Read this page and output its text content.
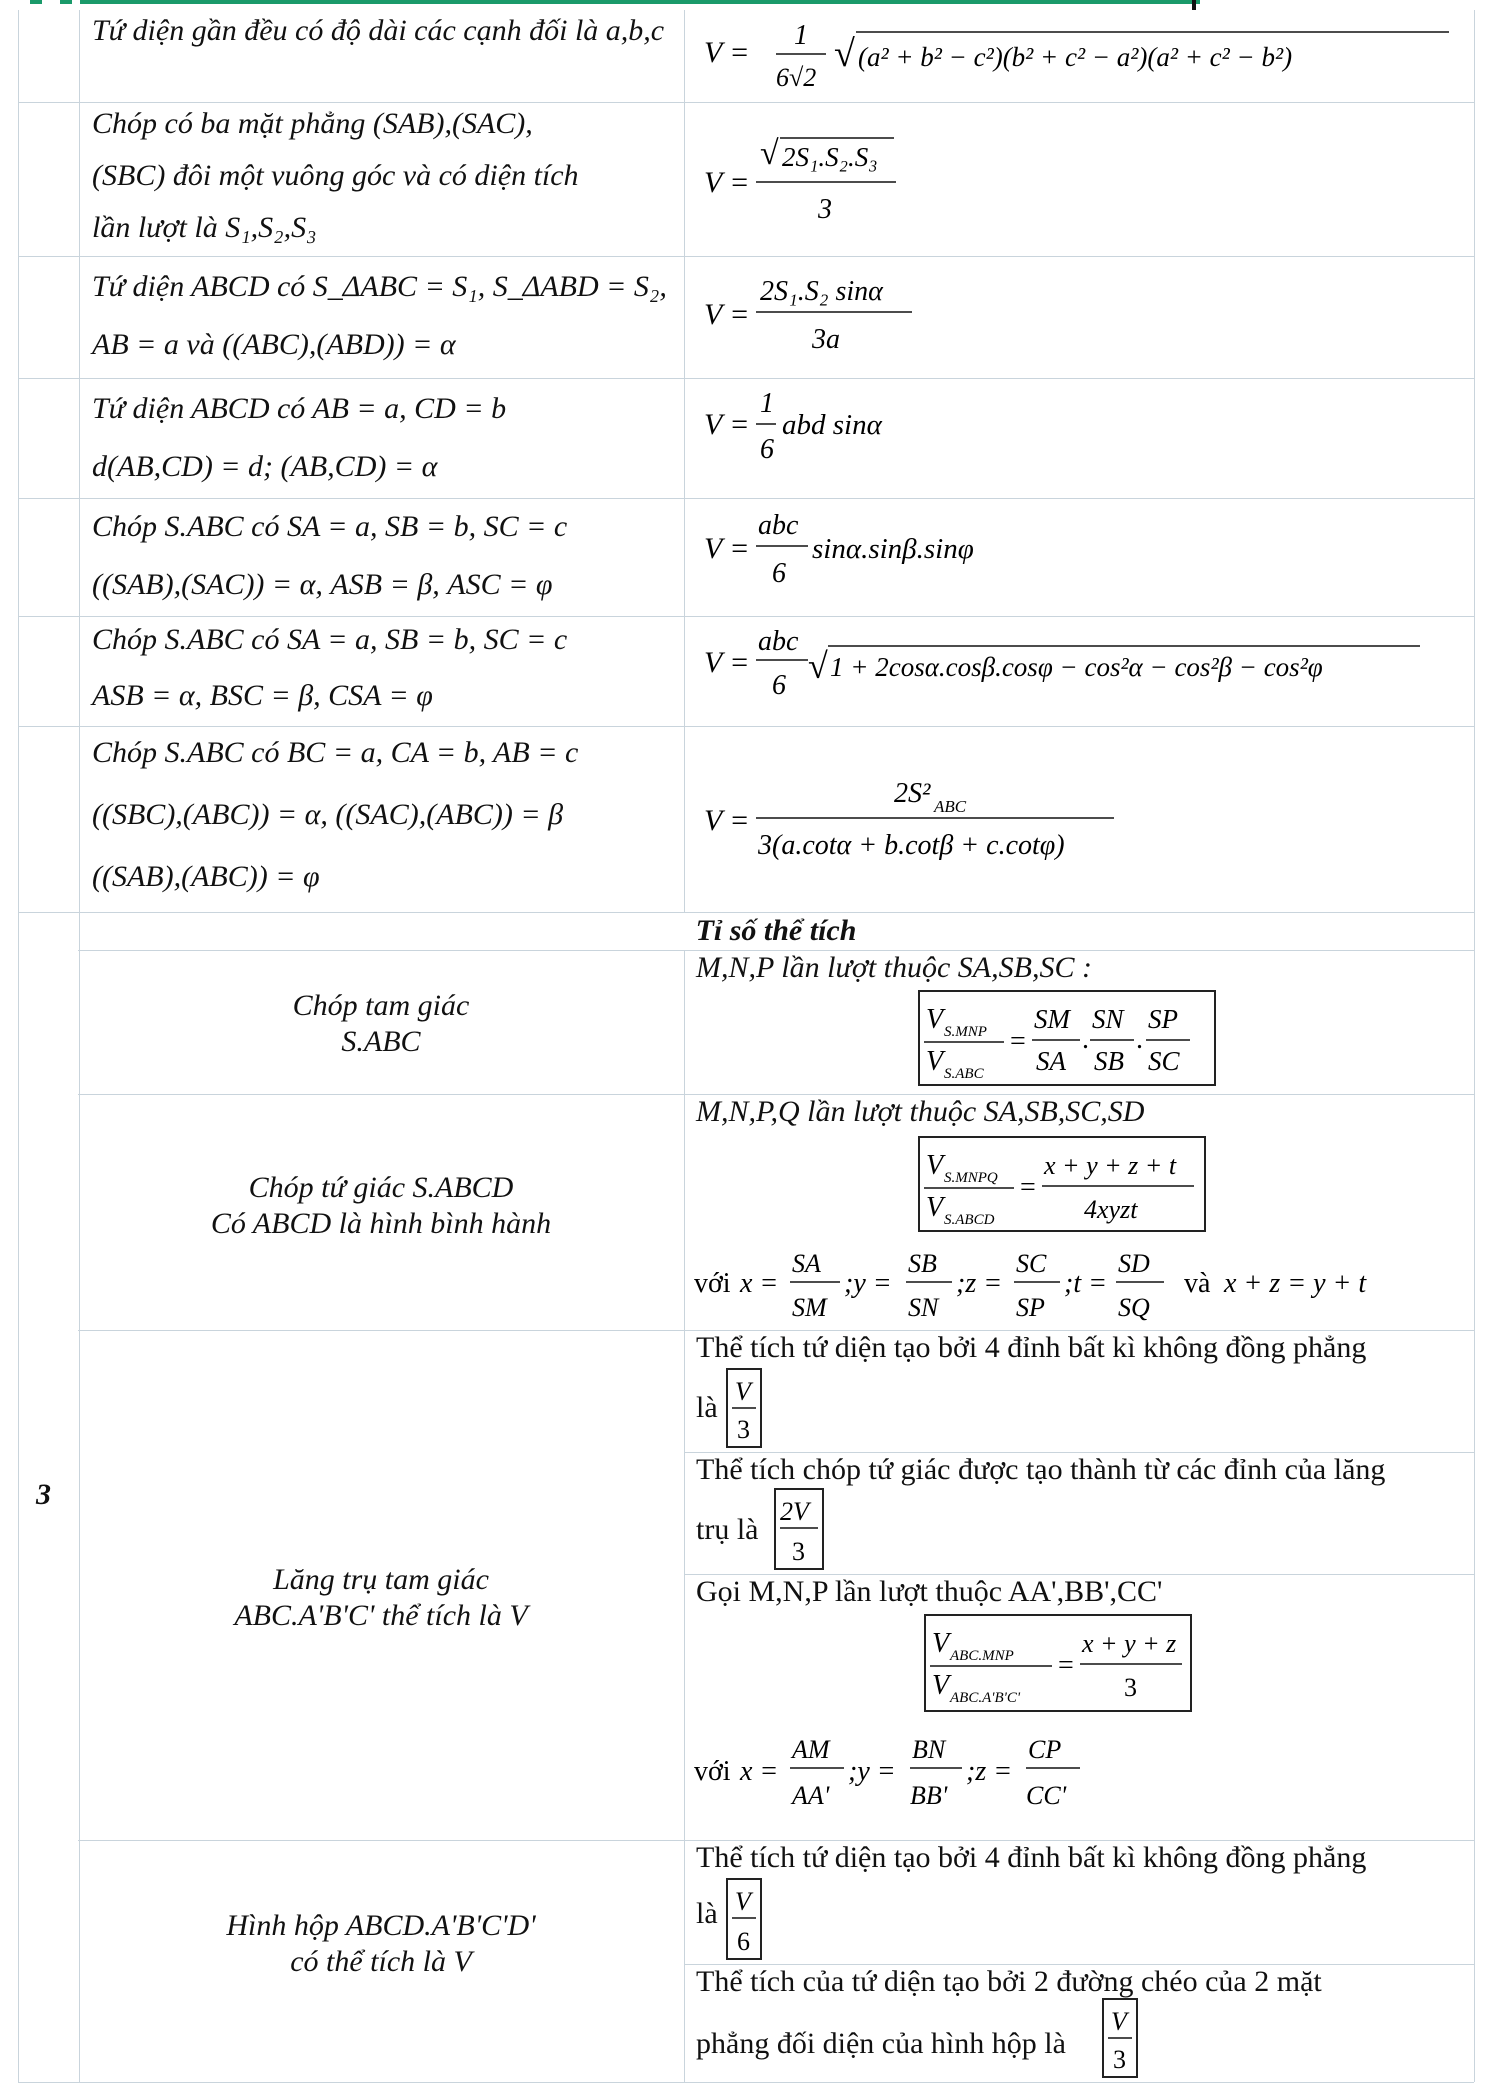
Tứ diện gần đều có độ dài các cạnh đối là a,b,c
V =
1
6√2
√ (a² + b² − c²)(b² + c² − a²)(a² + c² − b²)
Chóp có ba mặt phẳng (SAB),(SAC),
(SBC) đôi một vuông góc và có diện tích
lần lượt là S₁,S₂,S₃
V =
√ 2S₁.S₂.S₃
3
Tứ diện ABCD có S_ΔABC = S₁, S_ΔABD = S₂,
AB = a và ((ABC),(ABD)) = α
V =
2S₁.S₂ sinα
3a
Tứ diện ABCD có AB = a, CD = b
d(AB,CD) = d; (AB,CD) = α
V =
1
6
abd sinα
Chóp S.ABC có SA = a, SB = b, SC = c
((SAB),(SAC)) = α, ASB = β, ASC = φ
V =
abc
6
sinα.sinβ.sinφ
Chóp S.ABC có SA = a, SB = b, SC = c
ASB = α, BSC = β, CSA = φ
V =
abc
6 √ 1 + 2cosα.cosβ.cosφ − cos²α − cos²β − cos²φ
Chóp S.ABC có BC = a, CA = b, AB = c
((SBC),(ABC)) = α, ((SAC),(ABC)) = β
((SAB),(ABC)) = φ
V =
2S² ABC
3(a.cotα + b.cotβ + c.cotφ)
3
Tỉ số thể tích
Chóp tam giác
S.ABC
M,N,P lần lượt thuộc SA,SB,SC :
V S.MNP
V S.ABC
=
SM
SA
.
SN
SB
.
SP
SC
Chóp tứ giác S.ABCD
Có ABCD là hình bình hành
M,N,P,Q lần lượt thuộc SA,SB,SC,SD
V S.MNPQ
V S.ABCD
=
x + y + z + t
4xyzt
với x =
SA
SM
;y =
SB
SN
;z =
SC
SP
;t =
SD
SQ
và x + z = y + t
Lăng trụ tam giác
ABC.A'B'C' thể tích là V
Thể tích tứ diện tạo bởi 4 đỉnh bất kì không đồng phẳng
là V
3
Thể tích chóp tứ giác được tạo thành từ các đỉnh của lăng
trụ là
2V
3
Gọi M,N,P lần lượt thuộc AA',BB',CC'
V ABC.MNP
V ABC.A'B'C'
=
x + y + z
3
với x =
AM
AA'
;y =
BN
BB'
;z =
CP
CC'
Hình hộp ABCD.A'B'C'D'
có thể tích là V
Thể tích tứ diện tạo bởi 4 đỉnh bất kì không đồng phẳng
là V
6
Thể tích của tứ diện tạo bởi 2 đường chéo của 2 mặt
phẳng đối diện của hình hộp là
V
3
